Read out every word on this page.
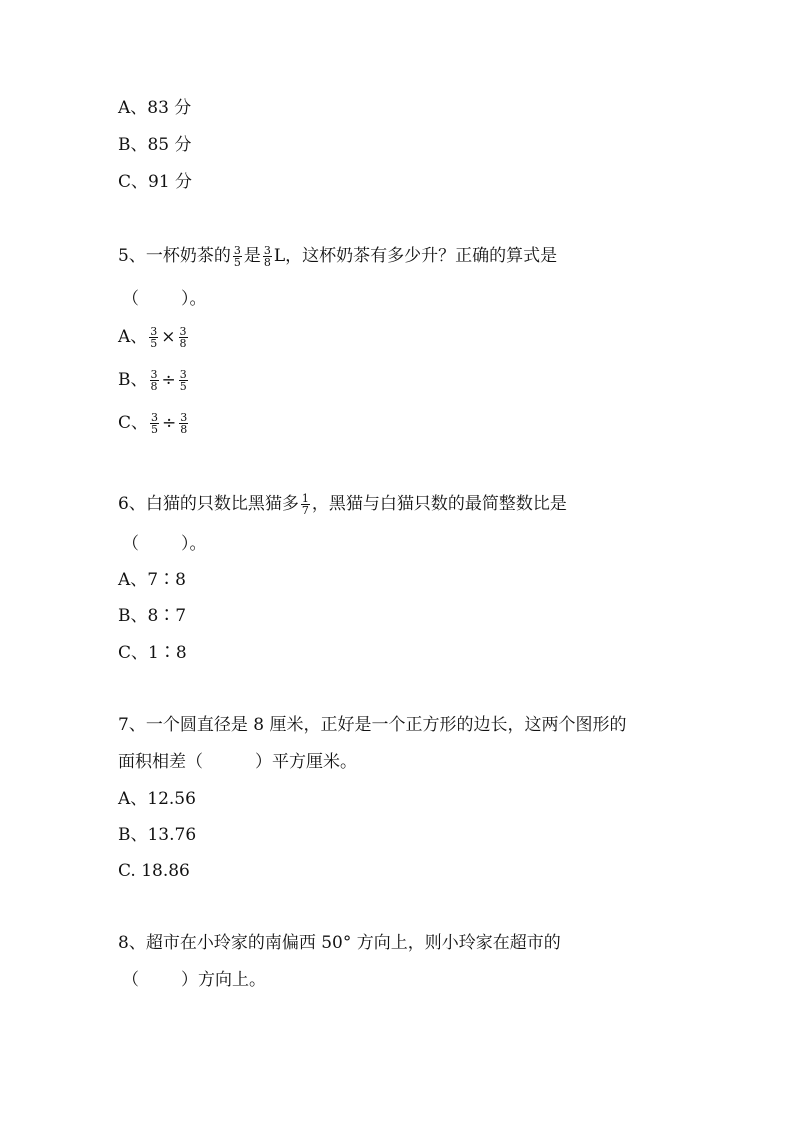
A、83 分
B、85 分
C、91 分
5、一杯奶茶的 $\frac{3}{5}$ 是 $\frac{3}{8}$ L，这杯奶茶有多少升？正确的算式是
（ ）。
A、 $\frac{3}{5} \times \frac{3}{8}$
B、 $\frac{3}{8} \div \frac{3}{5}$
C、 $\frac{3}{5} \div \frac{3}{8}$
6、白猫的只数比黑猫多 $\frac{1}{7}$ ，黑猫与白猫只数的最简整数比是
（ ）。
A、7∶8
B、8∶7
C、1∶8
7、一个圆直径是 8 厘米，正好是一个正方形的边长，这两个图形的
面积相差（	）平方厘米。
A、12.56
B、13.76
C. 18.86
8、超市在小玲家的南偏西 50° 方向上，则小玲家在超市的
（ ）方向上。
